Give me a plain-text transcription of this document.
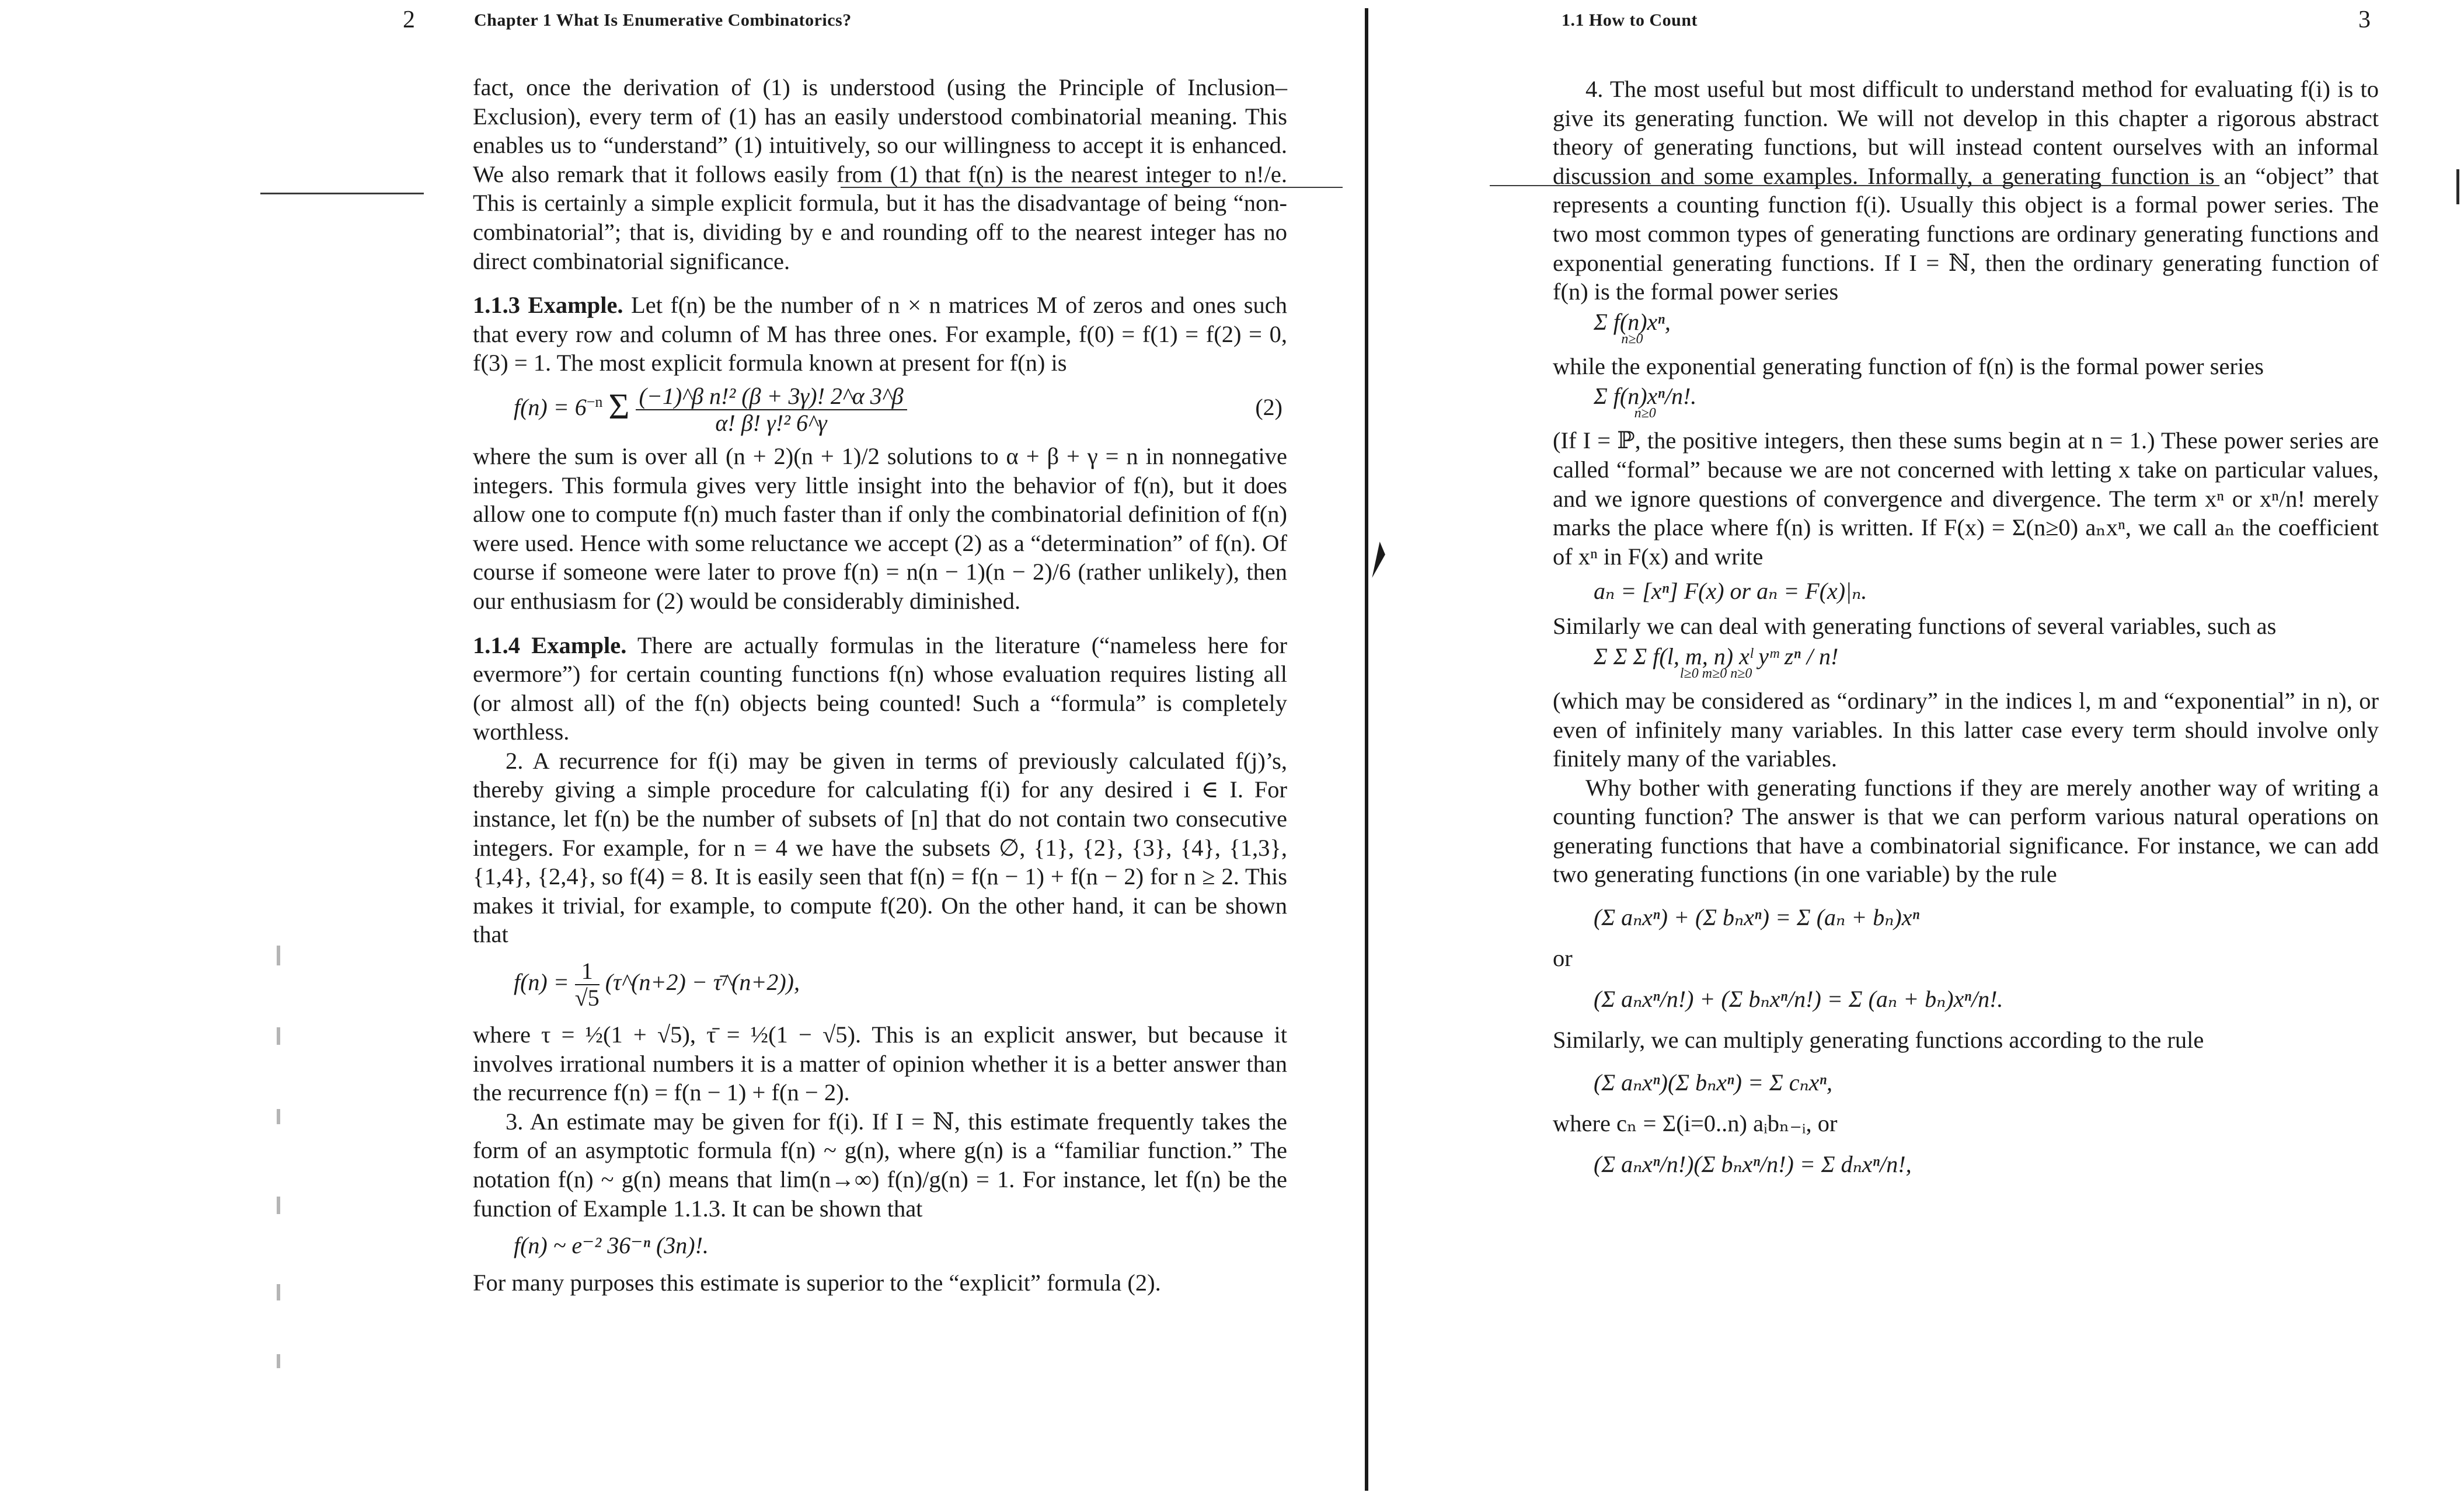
2	Chapter 1 What Is Enumerative Combinatorics?

fact, once the derivation of (1) is understood (using the Principle of Inclusion–Exclusion), every term of (1) has an easily understood combinatorial meaning. This enables us to “understand” (1) intuitively, so our willingness to accept it is enhanced. We also remark that it follows easily from (1) that f(n) is the nearest integer to n!/e. This is certainly a simple explicit formula, but it has the disadvantage of being “non-combinatorial”; that is, dividing by e and rounding off to the nearest integer has no direct combinatorial significance.

1.1.3 Example. Let f(n) be the number of n × n matrices M of zeros and ones such that every row and column of M has three ones. For example, f(0) = f(1) = f(2) = 0, f(3) = 1. The most explicit formula known at present for f(n) is

$f(n) = 6^{-n}$ Σ $\frac{\text{(−1)\textasciicircum{}β n!² (β + 3γ)! 2\textasciicircum{}α 3\textasciicircum{}β}}{\text{α! β! γ!² 6\textasciicircum{}γ}}$	(2)

where the sum is over all (n + 2)(n + 1)/2 solutions to α + β + γ = n in nonnegative integers. This formula gives very little insight into the behavior of f(n), but it does allow one to compute f(n) much faster than if only the combinatorial definition of f(n) were used. Hence with some reluctance we accept (2) as a “determination” of f(n). Of course if someone were later to prove f(n) = n(n − 1)(n − 2)/6 (rather unlikely), then our enthusiasm for (2) would be considerably diminished.

1.1.4 Example. There are actually formulas in the literature (“nameless here for evermore”) for certain counting functions f(n) whose evaluation requires listing all (or almost all) of the f(n) objects being counted! Such a “formula” is completely worthless.

2. A recurrence for f(i) may be given in terms of previously calculated f(j)’s, thereby giving a simple procedure for calculating f(i) for any desired i ∈ I. For instance, let f(n) be the number of subsets of [n] that do not contain two consecutive integers. For example, for n = 4 we have the subsets ∅, {1}, {2}, {3}, {4}, {1,3}, {1,4}, {2,4}, so f(4) = 8. It is easily seen that f(n) = f(n − 1) + f(n − 2) for n ≥ 2. This makes it trivial, for example, to compute f(20). On the other hand, it can be shown that

$f(n) = \frac{1}{√5}$ (τ^(n+2) − τ̄^(n+2)),

where τ = ½(1 + √5), τ̄ = ½(1 − √5). This is an explicit answer, but because it involves irrational numbers it is a matter of opinion whether it is a better answer than the recurrence f(n) = f(n − 1) + f(n − 2).

3. An estimate may be given for f(i). If I = ℕ, this estimate frequently takes the form of an asymptotic formula f(n) ~ g(n), where g(n) is a “familiar function.” The notation f(n) ~ g(n) means that lim(n→∞) f(n)/g(n) = 1. For instance, let f(n) be the function of Example 1.1.3. It can be shown that

f(n) ~ e⁻² 36⁻ⁿ (3n)!.

For many purposes this estimate is superior to the “explicit” formula (2).

1.1 How to Count	3

4. The most useful but most difficult to understand method for evaluating f(i) is to give its generating function. We will not develop in this chapter a rigorous abstract theory of generating functions, but will instead content ourselves with an informal discussion and some examples. Informally, a generating function is an “object” that represents a counting function f(i). Usually this object is a formal power series. The two most common types of generating functions are ordinary generating functions and exponential generating functions. If I = ℕ, then the ordinary generating function of f(n) is the formal power series

Σ f(n)xⁿ,
n≥0

while the exponential generating function of f(n) is the formal power series

Σ f(n)xⁿ/n!.
n≥0

(If I = ℙ, the positive integers, then these sums begin at n = 1.) These power series are called “formal” because we are not concerned with letting x take on particular values, and we ignore questions of convergence and divergence. The term xⁿ or xⁿ/n! merely marks the place where f(n) is written. If F(x) = Σ(n≥0) aₙxⁿ, we call aₙ the coefficient of xⁿ in F(x) and write

aₙ = [xⁿ] F(x) or aₙ = F(x)|ₙ.

Similarly we can deal with generating functions of several variables, such as

Σ Σ Σ f(l, m, n) xˡ yᵐ zⁿ / n!
l≥0 m≥0 n≥0

(which may be considered as “ordinary” in the indices l, m and “exponential” in n), or even of infinitely many variables. In this latter case every term should involve only finitely many of the variables.

Why bother with generating functions if they are merely another way of writing a counting function? The answer is that we can perform various natural operations on generating functions that have a combinatorial significance. For instance, we can add two generating functions (in one variable) by the rule

(Σ aₙxⁿ) + (Σ bₙxⁿ) = Σ (aₙ + bₙ)xⁿ

or

(Σ aₙxⁿ/n!) + (Σ bₙxⁿ/n!) = Σ (aₙ + bₙ)xⁿ/n!.

Similarly, we can multiply generating functions according to the rule

(Σ aₙxⁿ)(Σ bₙxⁿ) = Σ cₙxⁿ,

where cₙ = Σ(i=0..n) aᵢbₙ₋ᵢ, or

(Σ aₙxⁿ/n!)(Σ bₙxⁿ/n!) = Σ dₙxⁿ/n!,
